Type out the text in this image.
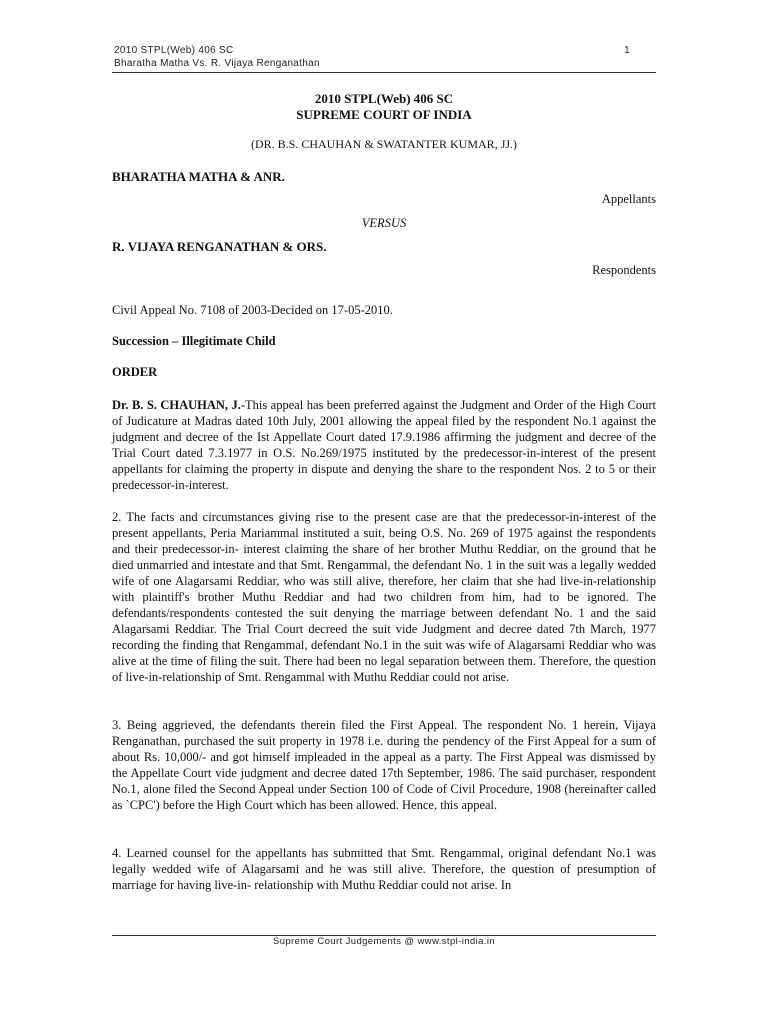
2010 STPL(Web) 406 SC
Bharatha Matha Vs. R. Vijaya Renganathan
1
2010 STPL(Web) 406 SC
SUPREME COURT OF INDIA
(DR. B.S. CHAUHAN & SWATANTER KUMAR, JJ.)
BHARATHA MATHA & ANR.
Appellants
VERSUS
R. VIJAYA RENGANATHAN & ORS.
Respondents
Civil Appeal No. 7108 of 2003-Decided on 17-05-2010.
Succession – Illegitimate Child
ORDER
Dr. B. S. CHAUHAN, J.-This appeal has been preferred against the Judgment and Order of the High Court of Judicature at Madras dated 10th July, 2001 allowing the appeal filed by the respondent No.1 against the judgment and decree of the Ist Appellate Court dated 17.9.1986 affirming the judgment and decree of the Trial Court dated 7.3.1977 in O.S. No.269/1975 instituted by the predecessor-in-interest of the present appellants for claiming the property in dispute and denying the share to the respondent Nos. 2 to 5 or their predecessor-in-interest.
2. The facts and circumstances giving rise to the present case are that the predecessor-in-interest of the present appellants, Peria Mariammal instituted a suit, being O.S. No. 269 of 1975 against the respondents and their predecessor-in- interest claiming the share of her brother Muthu Reddiar, on the ground that he died unmarried and intestate and that Smt. Rengammal, the defendant No. 1 in the suit was a legally wedded wife of one Alagarsami Reddiar, who was still alive, therefore, her claim that she had live-in-relationship with plaintiff's brother Muthu Reddiar and had two children from him, had to be ignored. The defendants/respondents contested the suit denying the marriage between defendant No. 1 and the said Alagarsami Reddiar. The Trial Court decreed the suit vide Judgment and decree dated 7th March, 1977 recording the finding that Rengammal, defendant No.1 in the suit was wife of Alagarsami Reddiar who was alive at the time of filing the suit. There had been no legal separation between them. Therefore, the question of live-in-relationship of Smt. Rengammal with Muthu Reddiar could not arise.
3. Being aggrieved, the defendants therein filed the First Appeal. The respondent No. 1 herein, Vijaya Renganathan, purchased the suit property in 1978 i.e. during the pendency of the First Appeal for a sum of about Rs. 10,000/- and got himself impleaded in the appeal as a party. The First Appeal was dismissed by the Appellate Court vide judgment and decree dated 17th September, 1986. The said purchaser, respondent No.1, alone filed the Second Appeal under Section 100 of Code of Civil Procedure, 1908 (hereinafter called as `CPC') before the High Court which has been allowed. Hence, this appeal.
4. Learned counsel for the appellants has submitted that Smt. Rengammal, original defendant No.1 was legally wedded wife of Alagarsami and he was still alive. Therefore, the question of presumption of marriage for having live-in- relationship with Muthu Reddiar could not arise. In
Supreme Court Judgements @ www.stpl-india.in
